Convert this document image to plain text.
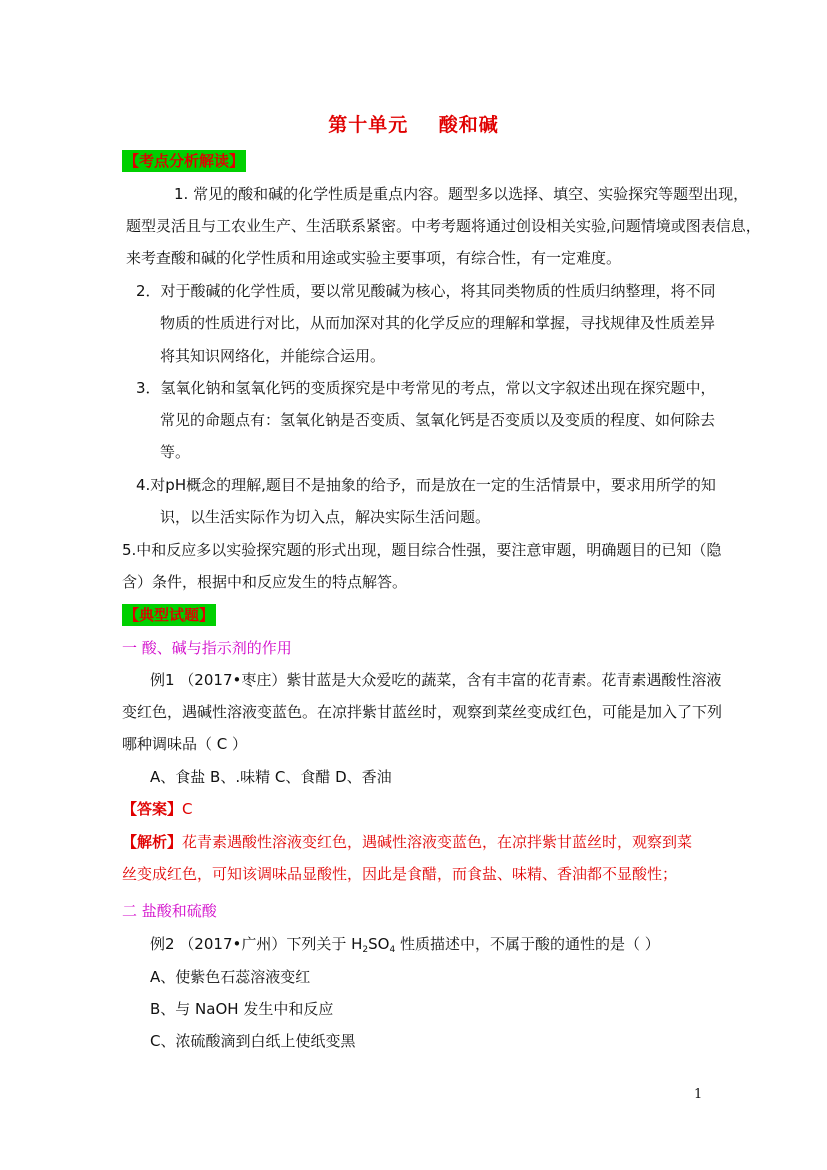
第十单元    酸和碱
【考点分析解读】
1. 常见的酸和碱的化学性质是重点内容。题型多以选择、填空、实验探究等题型出现，
题型灵活且与工农业生产、生活联系紧密。中考考题将通过创设相关实验,问题情境或图表信息，
来考查酸和碱的化学性质和用途或实验主要事项，有综合性，有一定难度。
2．对于酸碱的化学性质，要以常见酸碱为核心，将其同类物质的性质归纳整理，将不同
物质的性质进行对比，从而加深对其的化学反应的理解和掌握，寻找规律及性质差异
将其知识网络化，并能综合运用。
3．氢氧化钠和氢氧化钙的变质探究是中考常见的考点，常以文字叙述出现在探究题中，
常见的命题点有：氢氧化钠是否变质、氢氧化钙是否变质以及变质的程度、如何除去
等。
4.对pH概念的理解,题目不是抽象的给予，而是放在一定的生活情景中，要求用所学的知
识，以生活实际作为切入点，解决实际生活问题。
5.中和反应多以实验探究题的形式出现，题目综合性强，要注意审题，明确题目的已知（隐
含）条件，根据中和反应发生的特点解答。
【典型试题】
一 酸、碱与指示剂的作用
例1 （2017•枣庄）紫甘蓝是大众爱吃的蔬菜，含有丰富的花青素。花青素遇酸性溶液
变红色，遇碱性溶液变蓝色。在凉拌紫甘蓝丝时，观察到菜丝变成红色，可能是加入了下列
哪种调味品（ C ）
A、食盐 B、.味精 C、食醋 D、香油
【答案】C
【解析】花青素遇酸性溶液变红色，遇碱性溶液变蓝色，在凉拌紫甘蓝丝时，观察到菜
丝变成红色，可知该调味品显酸性，因此是食醋，而食盐、味精、香油都不显酸性；
二 盐酸和硫酸
例2 （2017•广州）下列关于 $H_2SO_4$ 性质描述中，不属于酸的通性的是（ ）
A、使紫色石蕊溶液变红
B、与 NaOH 发生中和反应
C、浓硫酸滴到白纸上使纸变黑
1
